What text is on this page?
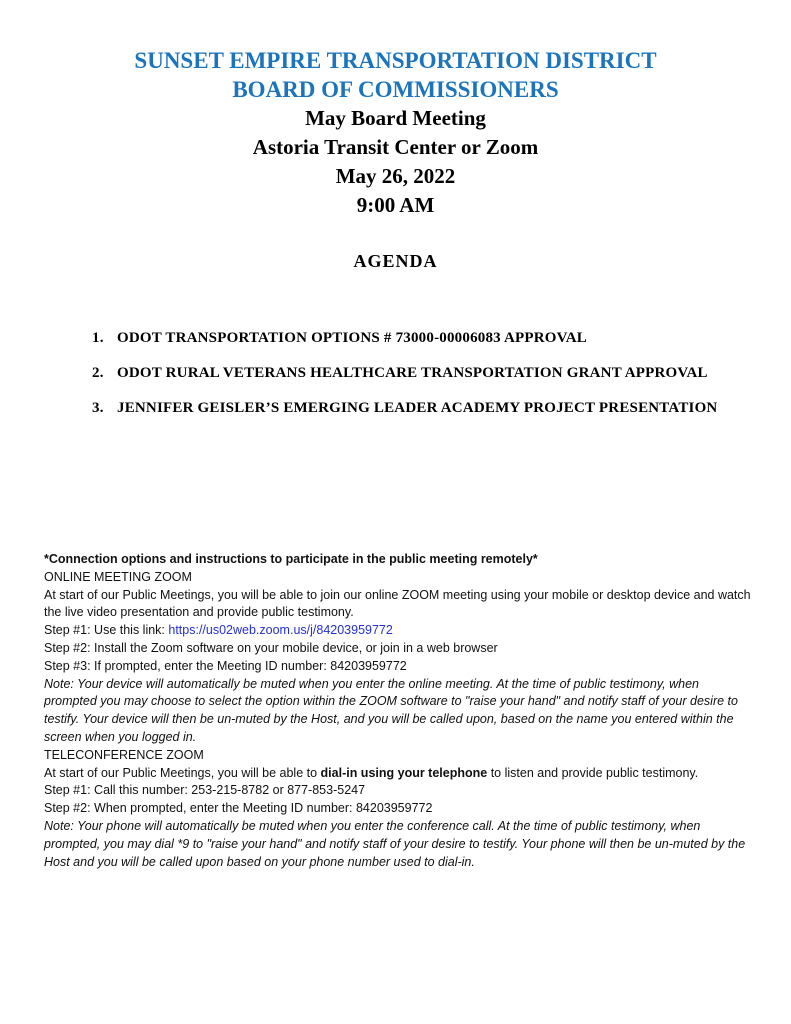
SUNSET EMPIRE TRANSPORTATION DISTRICT
BOARD OF COMMISSIONERS
May Board Meeting
Astoria Transit Center or Zoom
May 26, 2022
9:00 AM
AGENDA
1. ODOT TRANSPORTATION OPTIONS # 73000-00006083 APPROVAL
2. ODOT RURAL VETERANS HEALTHCARE TRANSPORTATION GRANT APPROVAL
3. JENNIFER GEISLER’S EMERGING LEADER ACADEMY PROJECT PRESENTATION
*Connection options and instructions to participate in the public meeting remotely*
ONLINE MEETING ZOOM
At start of our Public Meetings, you will be able to join our online ZOOM meeting using your mobile or desktop device and watch the live video presentation and provide public testimony.
Step #1: Use this link: https://us02web.zoom.us/j/84203959772
Step #2: Install the Zoom software on your mobile device, or join in a web browser
Step #3: If prompted, enter the Meeting ID number: 84203959772
Note: Your device will automatically be muted when you enter the online meeting. At the time of public testimony, when prompted you may choose to select the option within the ZOOM software to "raise your hand" and notify staff of your desire to testify. Your device will then be un-muted by the Host, and you will be called upon, based on the name you entered within the screen when you logged in.
TELECONFERENCE ZOOM
At start of our Public Meetings, you will be able to dial-in using your telephone to listen and provide public testimony.
Step #1: Call this number: 253-215-8782 or 877-853-5247
Step #2: When prompted, enter the Meeting ID number: 84203959772
Note: Your phone will automatically be muted when you enter the conference call. At the time of public testimony, when prompted, you may dial *9 to "raise your hand" and notify staff of your desire to testify. Your phone will then be un-muted by the Host and you will be called upon based on your phone number used to dial-in.
